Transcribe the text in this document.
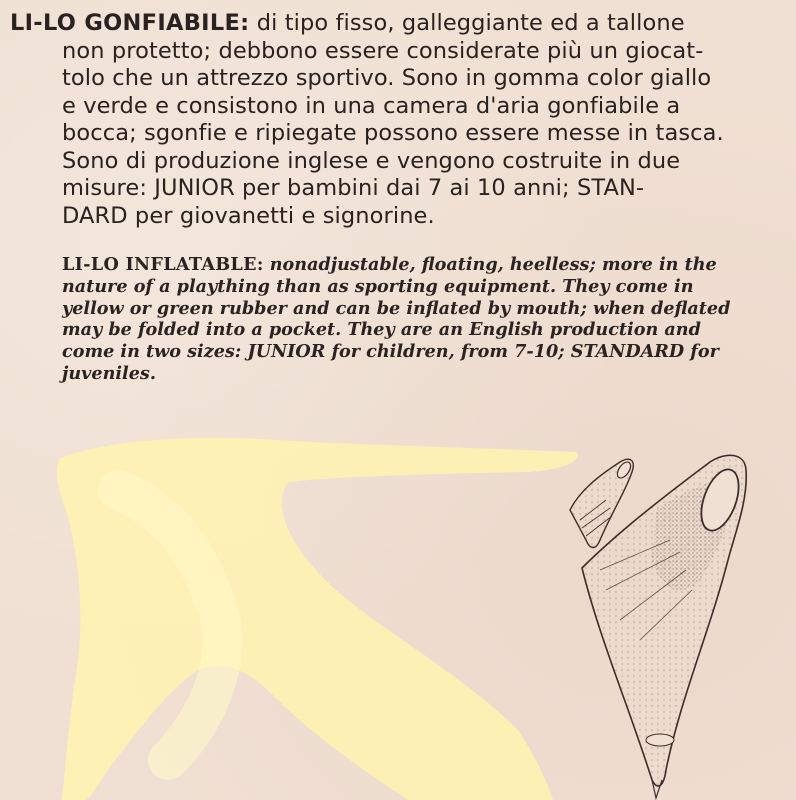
LI-LO GONFIABILE: di tipo fisso, galleggiante ed a tallone
non protetto; debbono essere considerate più un giocat-
tolo che un attrezzo sportivo. Sono in gomma color giallo
e verde e consistono in una camera d'aria gonfiabile a
bocca; sgonfie e ripiegate possono essere messe in tasca.
Sono di produzione inglese e vengono costruite in due
misure: JUNIOR per bambini dai 7 ai 10 anni; STAN-
DARD per giovanetti e signorine.
LI-LO INFLATABLE: nonadjustable, floating, heelless; more in the
nature of a plaything than as sporting equipment. They come in
yellow or green rubber and can be inflated by mouth; when deflated
may be folded into a pocket. They are an English production and
come in two sizes: JUNIOR for children, from 7-10; STANDARD for
juveniles.
